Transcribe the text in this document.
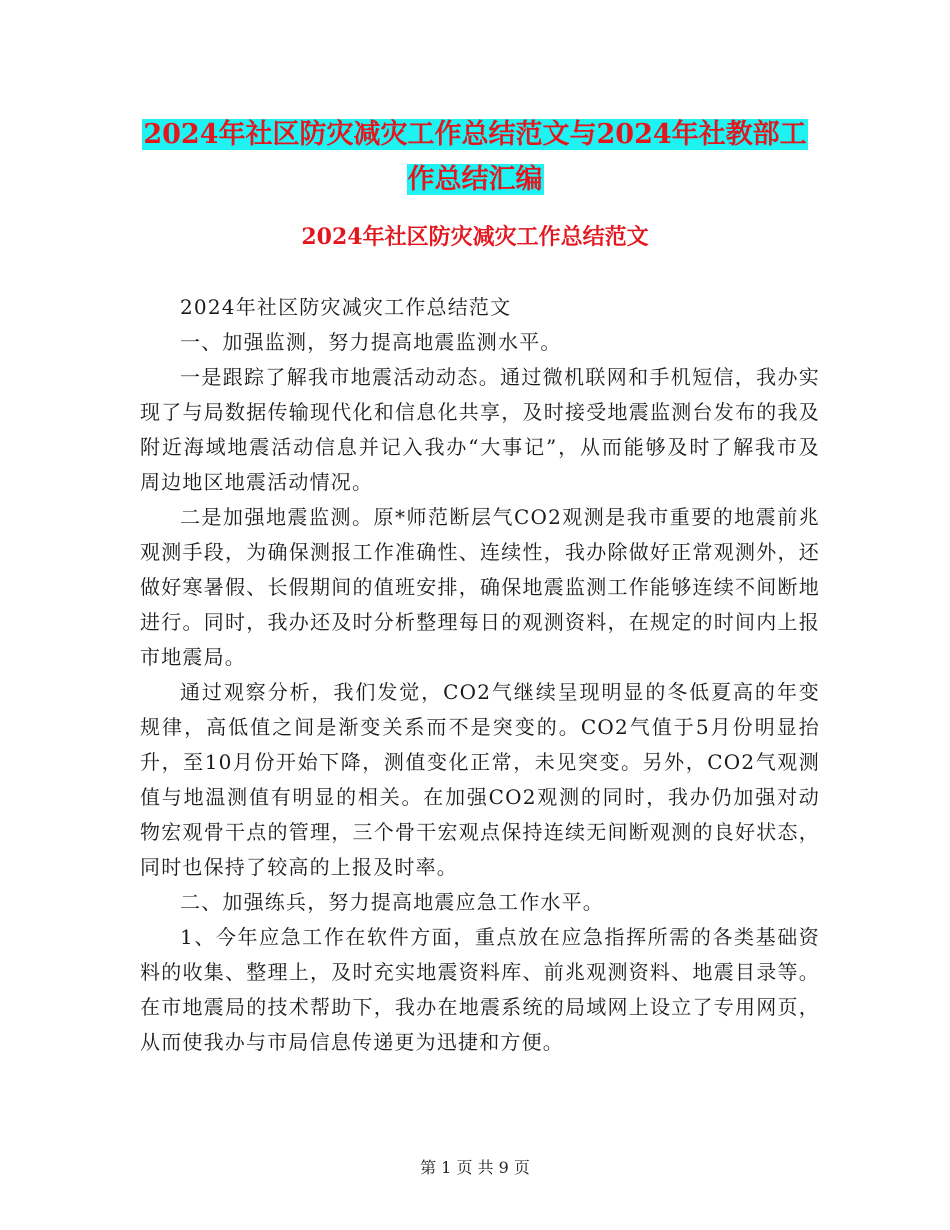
2024年社区防灾减灾工作总结范文与2024年社教部工
作总结汇编
2024年社区防灾减灾工作总结范文

2024年社区防灾减灾工作总结范文

一、加强监测，努力提高地震监测水平。

一是跟踪了解我市地震活动动态。通过微机联网和手机短信，我办实现了与局数据传输现代化和信息化共享，及时接受地震监测台发布的我及附近海域地震活动信息并记入我办“大事记”，从而能够及时了解我市及周边地区地震活动情况。

二是加强地震监测。原*师范断层气CO2观测是我市重要的地震前兆观测手段，为确保测报工作准确性、连续性，我办除做好正常观测外，还做好寒暑假、长假期间的值班安排，确保地震监测工作能够连续不间断地进行。同时，我办还及时分析整理每日的观测资料，在规定的时间内上报市地震局。

通过观察分析，我们发觉，CO2气继续呈现明显的冬低夏高的年变规律，高低值之间是渐变关系而不是突变的。CO2气值于5月份明显抬升，至10月份开始下降，测值变化正常，未见突变。另外，CO2气观测值与地温测值有明显的相关。在加强CO2观测的同时，我办仍加强对动物宏观骨干点的管理，三个骨干宏观点保持连续无间断观测的良好状态，同时也保持了较高的上报及时率。

二、加强练兵，努力提高地震应急工作水平。

1、今年应急工作在软件方面，重点放在应急指挥所需的各类基础资料的收集、整理上，及时充实地震资料库、前兆观测资料、地震目录等。在市地震局的技术帮助下，我办在地震系统的局域网上设立了专用网页，从而使我办与市局信息传递更为迅捷和方便。

第 1 页 共 9 页
